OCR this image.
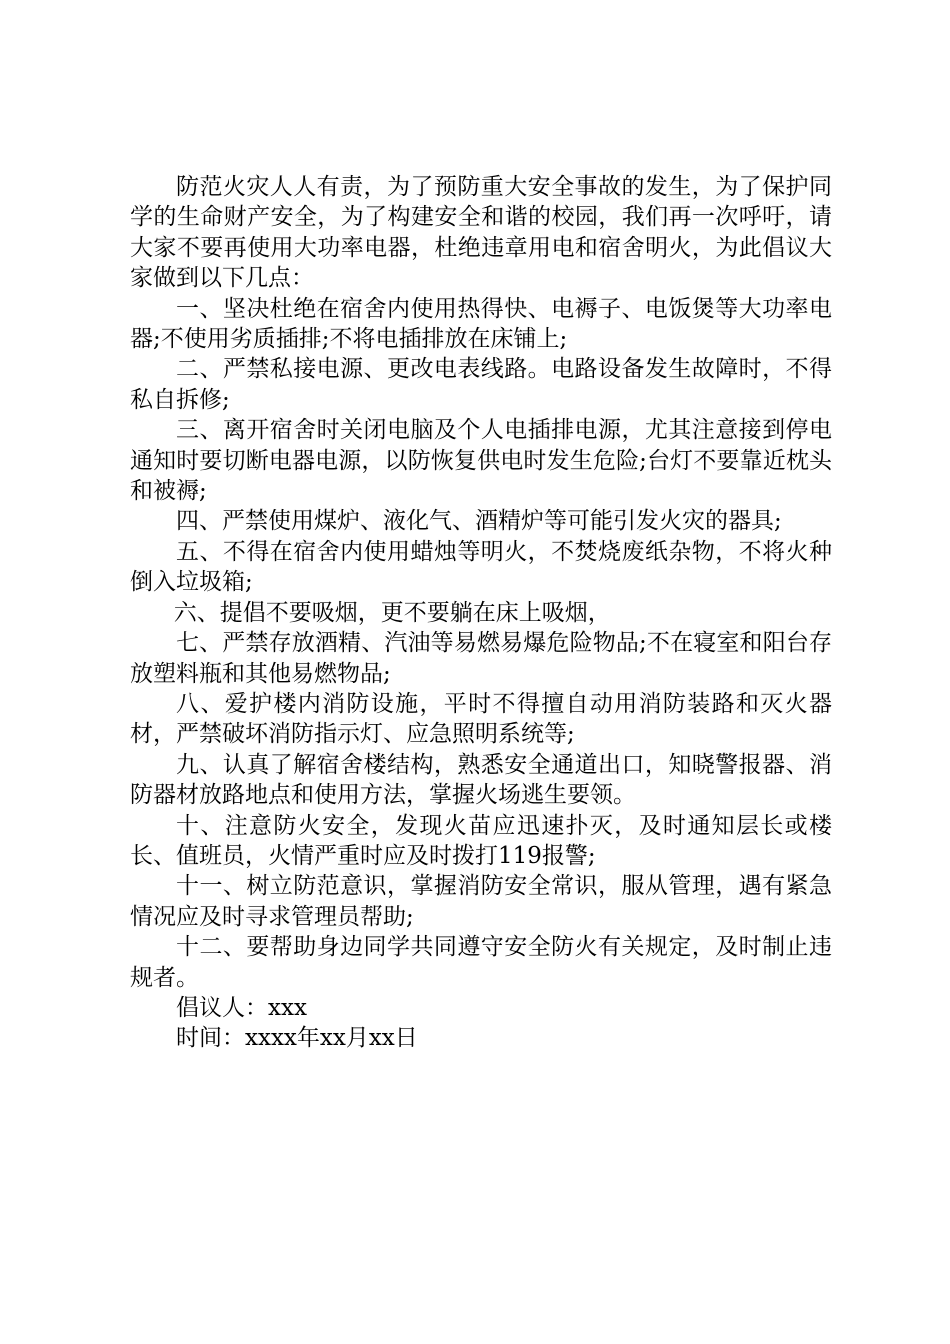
防范火灾人人有责，为了预防重大安全事故的发生，为了保护同学的生命财产安全，为了构建安全和谐的校园，我们再一次呼吁，请大家不要再使用大功率电器，杜绝违章用电和宿舍明火，为此倡议大家做到以下几点：

一、坚决杜绝在宿舍内使用热得快、电褥子、电饭煲等大功率电器;不使用劣质插排;不将电插排放在床铺上;

二、严禁私接电源、更改电表线路。电路设备发生故障时，不得私自拆修;

三、离开宿舍时关闭电脑及个人电插排电源，尤其注意接到停电通知时要切断电器电源，以防恢复供电时发生危险;台灯不要靠近枕头和被褥;

四、严禁使用煤炉、液化气、酒精炉等可能引发火灾的器具;

五、不得在宿舍内使用蜡烛等明火，不焚烧废纸杂物，不将火种倒入垃圾箱;

六、提倡不要吸烟，更不要躺在床上吸烟，

七、严禁存放酒精、汽油等易燃易爆危险物品;不在寝室和阳台存放塑料瓶和其他易燃物品;

八、爱护楼内消防设施，平时不得擅自动用消防装路和灭火器材，严禁破坏消防指示灯、应急照明系统等;

九、认真了解宿舍楼结构，熟悉安全通道出口，知晓警报器、消防器材放路地点和使用方法，掌握火场逃生要领。

十、注意防火安全，发现火苗应迅速扑灭，及时通知层长或楼长、值班员，火情严重时应及时拨打119报警;

十一、树立防范意识，掌握消防安全常识，服从管理，遇有紧急情况应及时寻求管理员帮助;

十二、要帮助身边同学共同遵守安全防火有关规定，及时制止违规者。

倡议人：xxx
时间：xxxx年xx月xx日
